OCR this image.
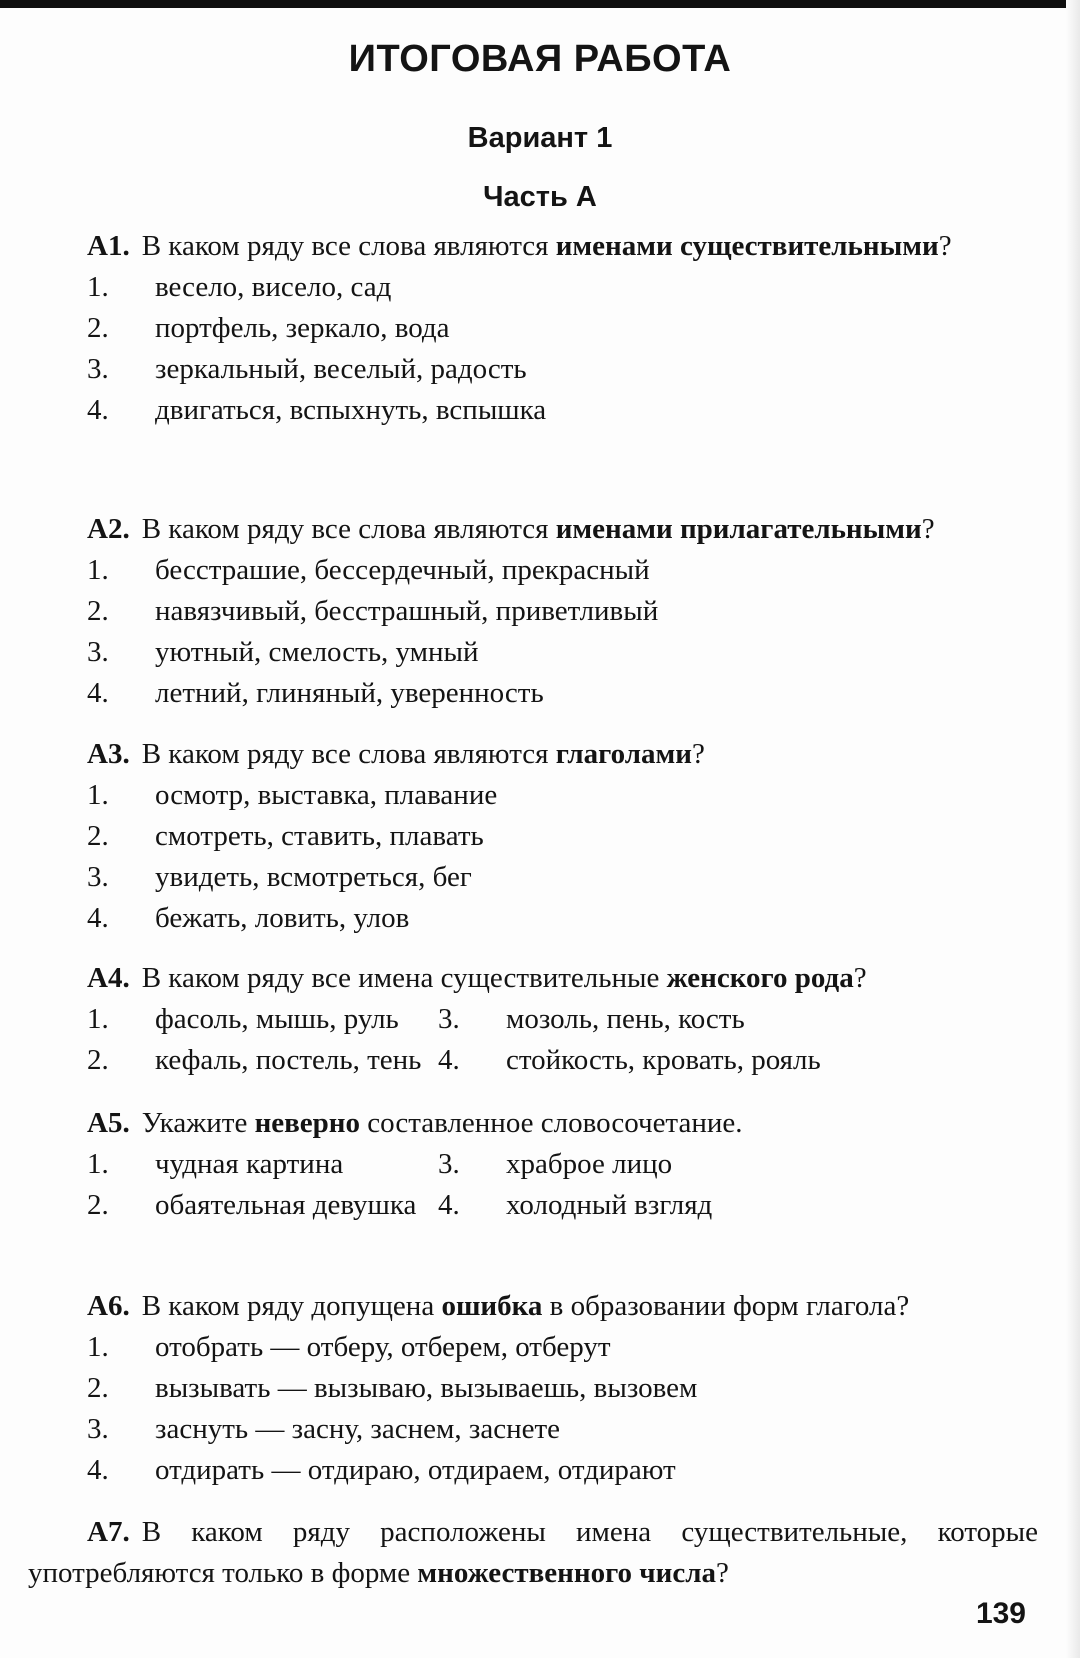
ИТОГОВАЯ РАБОТА
Вариант 1
Часть А

А1. В каком ряду все слова являются именами существительными?

1.	весело, висело, сад
2.	портфель, зеркало, вода
3.	зеркальный, веселый, радость
4.	двигаться, вспыхнуть, вспышка

А2. В каком ряду все слова являются именами прилагательными?

1.	бесстрашие, бессердечный, прекрасный
2.	навязчивый, бесстрашный, приветливый
3.	уютный, смелость, умный
4.	летний, глиняный, уверенность

А3. В каком ряду все слова являются глаголами?

1.	осмотр, выставка, плавание
2.	смотреть, ставить, плавать
3.	увидеть, всмотреться, бег
4.	бежать, ловить, улов

А4. В каком ряду все имена существительные женского рода?

1.	фасоль, мышь, руль
2.	кефаль, постель, тень
3.	мозоль, пень, кость
4.	стойкость, кровать, рояль

А5. Укажите неверно составленное словосочетание.

1.	чудная картина
2.	обаятельная девушка
3.	храброе лицо
4.	холодный взгляд

А6. В каком ряду допущена ошибка в образовании форм глагола?

1.	отобрать — отберу, отберем, отберут
2.	вызывать — вызываю, вызываешь, вызовем
3.	заснуть — засну, заснем, заснете
4.	отдирать — отдираю, отдираем, отдирают

А7. В каком ряду расположены имена существительные, которые употребляются только в форме множественного числа?

139
